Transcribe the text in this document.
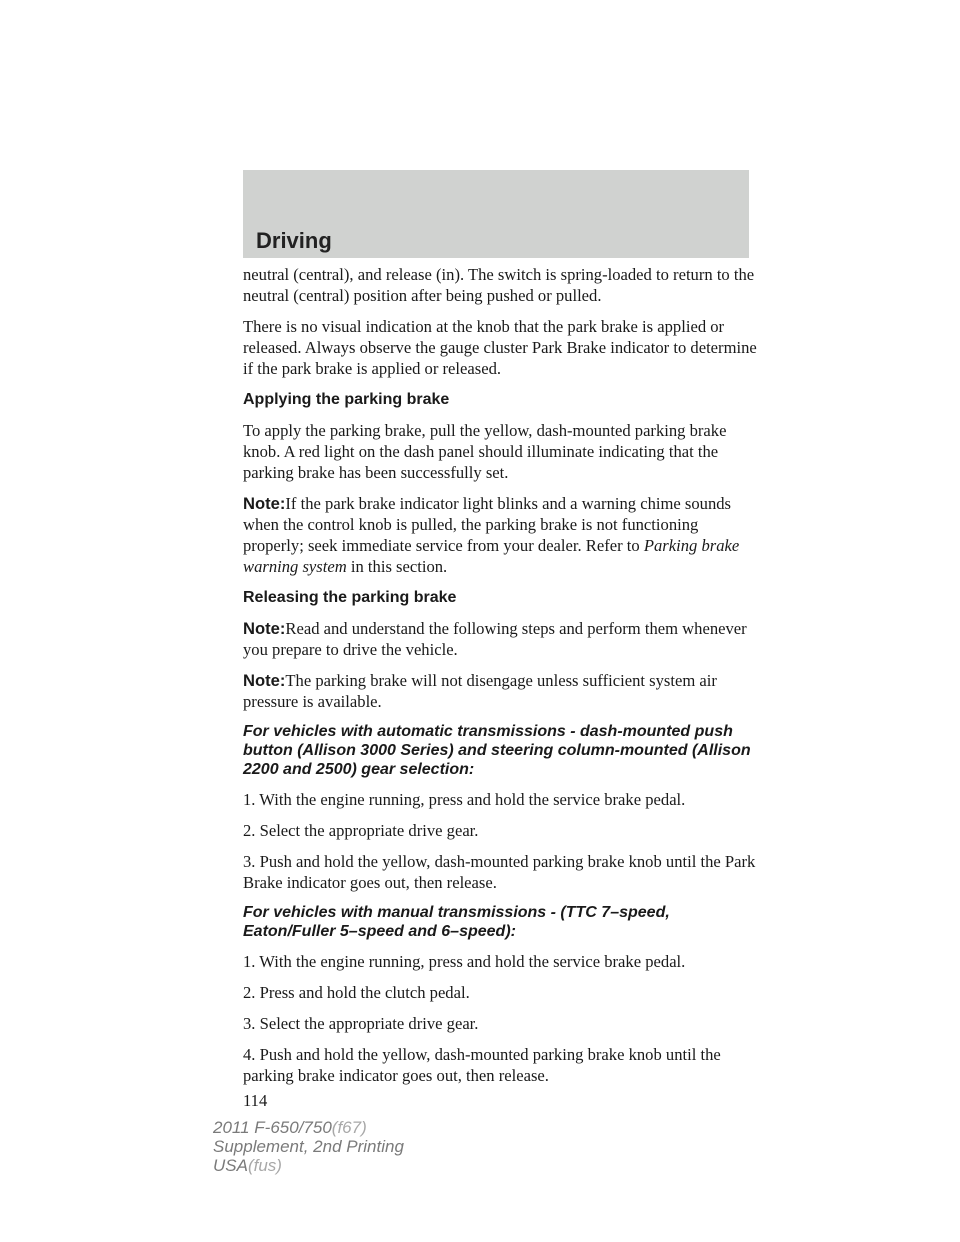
Driving

neutral (central), and release (in). The switch is spring-loaded to return to the neutral (central) position after being pushed or pulled.

There is no visual indication at the knob that the park brake is applied or released. Always observe the gauge cluster Park Brake indicator to determine if the park brake is applied or released.

Applying the parking brake

To apply the parking brake, pull the yellow, dash-mounted parking brake knob. A red light on the dash panel should illuminate indicating that the parking brake has been successfully set.

Note:If the park brake indicator light blinks and a warning chime sounds when the control knob is pulled, the parking brake is not functioning properly; seek immediate service from your dealer. Refer to Parking brake warning system in this section.

Releasing the parking brake

Note:Read and understand the following steps and perform them whenever you prepare to drive the vehicle.

Note:The parking brake will not disengage unless sufficient system air pressure is available.

For vehicles with automatic transmissions - dash-mounted push button (Allison 3000 Series) and steering column-mounted (Allison 2200 and 2500) gear selection:

1. With the engine running, press and hold the service brake pedal.

2. Select the appropriate drive gear.

3. Push and hold the yellow, dash-mounted parking brake knob until the Park Brake indicator goes out, then release.

For vehicles with manual transmissions - (TTC 7–speed, Eaton/Fuller 5–speed and 6–speed):

1. With the engine running, press and hold the service brake pedal.

2. Press and hold the clutch pedal.

3. Select the appropriate drive gear.

4. Push and hold the yellow, dash-mounted parking brake knob until the parking brake indicator goes out, then release.

114

2011 F-650/750(f67)
Supplement, 2nd Printing
USA(fus)
